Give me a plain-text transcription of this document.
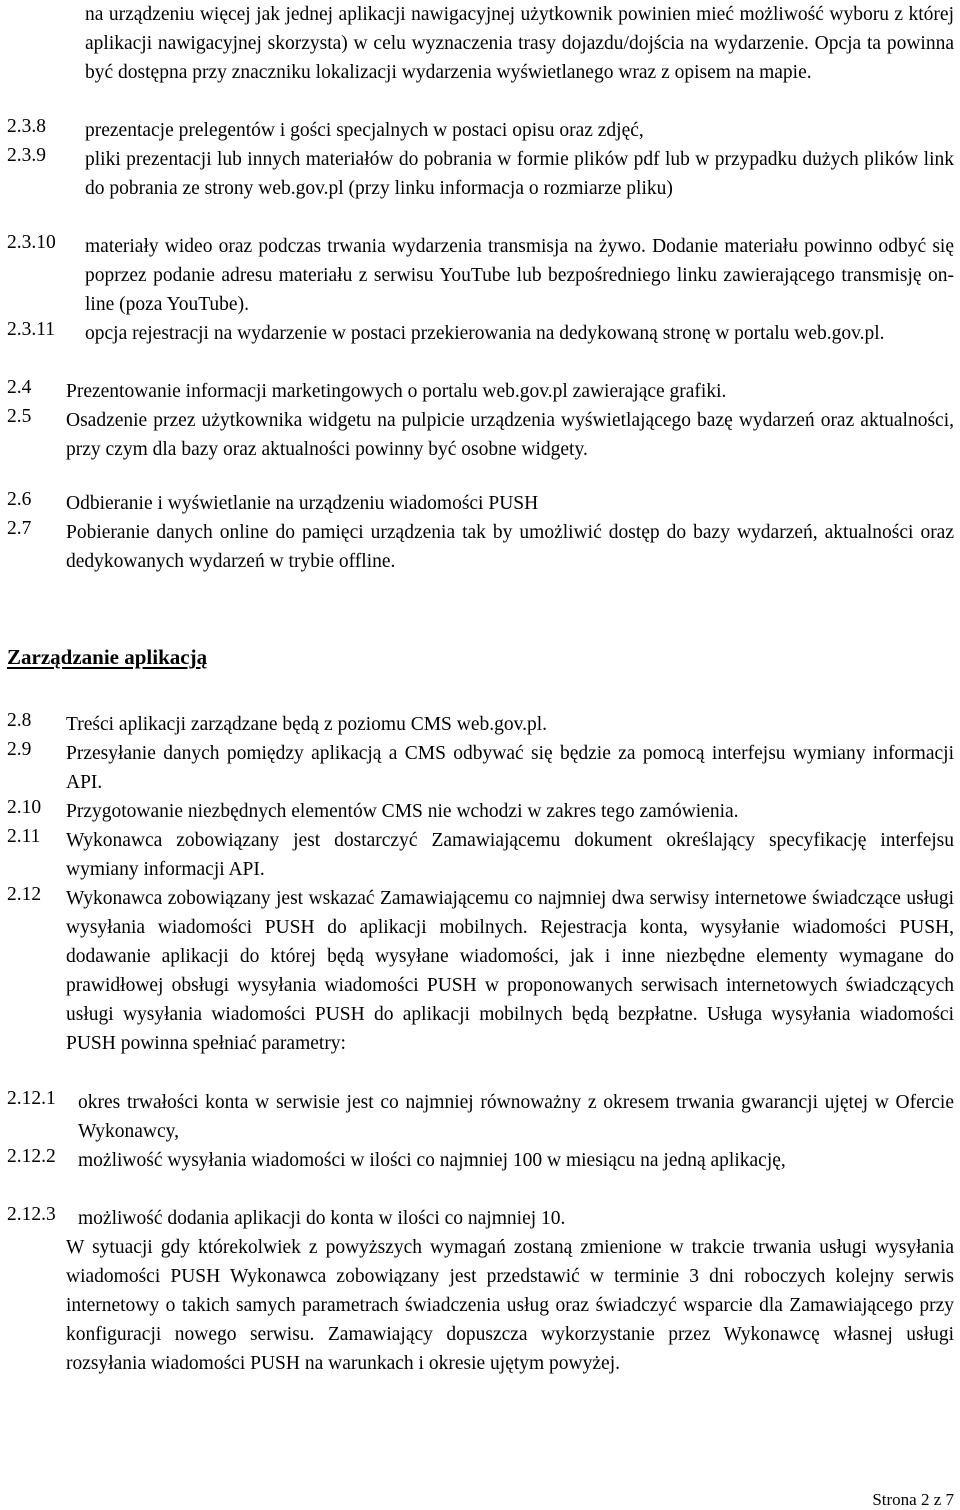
na urządzeniu więcej jak jednej aplikacji nawigacyjnej użytkownik powinien mieć możliwość wyboru z której aplikacji nawigacyjnej skorzysta) w celu wyznaczenia trasy dojazdu/dojścia na wydarzenie. Opcja ta powinna być dostępna przy znaczniku lokalizacji wydarzenia wyświetlanego wraz z opisem na mapie.
2.3.8 prezentacje prelegentów i gości specjalnych w postaci opisu oraz zdjęć,
2.3.9 pliki prezentacji lub innych materiałów do pobrania w formie plików pdf lub w przypadku dużych plików link do pobrania ze strony web.gov.pl (przy linku informacja o rozmiarze pliku)
2.3.10 materiały wideo oraz podczas trwania wydarzenia transmisja na żywo. Dodanie materiału powinno odbyć się poprzez podanie adresu materiału z serwisu YouTube lub bezpośredniego linku zawierającego transmisję on-line (poza YouTube).
2.3.11 opcja rejestracji na wydarzenie w postaci przekierowania na dedykowaną stronę w portalu web.gov.pl.
2.4 Prezentowanie informacji marketingowych o portalu web.gov.pl zawierające grafiki.
2.5 Osadzenie przez użytkownika widgetu na pulpicie urządzenia wyświetlającego bazę wydarzeń oraz aktualności, przy czym dla bazy oraz aktualności powinny być osobne widgety.
2.6 Odbieranie i wyświetlanie na urządzeniu wiadomości PUSH
2.7 Pobieranie danych online do pamięci urządzenia tak by umożliwić dostęp do bazy wydarzeń, aktualności oraz dedykowanych wydarzeń w trybie offline.
Zarządzanie aplikacją
2.8 Treści aplikacji zarządzane będą z poziomu CMS web.gov.pl.
2.9 Przesyłanie danych pomiędzy aplikacją a CMS odbywać się będzie za pomocą interfejsu wymiany informacji API.
2.10 Przygotowanie niezbędnych elementów CMS nie wchodzi w zakres tego zamówienia.
2.11 Wykonawca zobowiązany jest dostarczyć Zamawiającemu dokument określający specyfikację interfejsu wymiany informacji API.
2.12 Wykonawca zobowiązany jest wskazać Zamawiającemu co najmniej dwa serwisy internetowe świadczące usługi wysyłania wiadomości PUSH do aplikacji mobilnych. Rejestracja konta, wysyłanie wiadomości PUSH, dodawanie aplikacji do której będą wysyłane wiadomości, jak i inne niezbędne elementy wymagane do prawidłowej obsługi wysyłania wiadomości PUSH w proponowanych serwisach internetowych świadczących usługi wysyłania wiadomości PUSH do aplikacji mobilnych będą bezpłatne. Usługa wysyłania wiadomości PUSH powinna spełniać parametry:
2.12.1 okres trwałości konta w serwisie jest co najmniej równoważny z okresem trwania gwarancji ujętej w Ofercie Wykonawcy,
2.12.2 możliwość wysyłania wiadomości w ilości co najmniej 100 w miesiącu na jedną aplikację,
2.12.3 możliwość dodania aplikacji do konta w ilości co najmniej 10.
W sytuacji gdy którekolwiek z powyższych wymagań zostaną zmienione w trakcie trwania usługi wysyłania wiadomości PUSH Wykonawca zobowiązany jest przedstawić w terminie 3 dni roboczych kolejny serwis internetowy o takich samych parametrach świadczenia usług oraz świadczyć wsparcie dla Zamawiającego przy konfiguracji nowego serwisu. Zamawiający dopuszcza wykorzystanie przez Wykonawcę własnej usługi rozsyłania wiadomości PUSH na warunkach i okresie ujętym powyżej.
Strona 2 z 7
